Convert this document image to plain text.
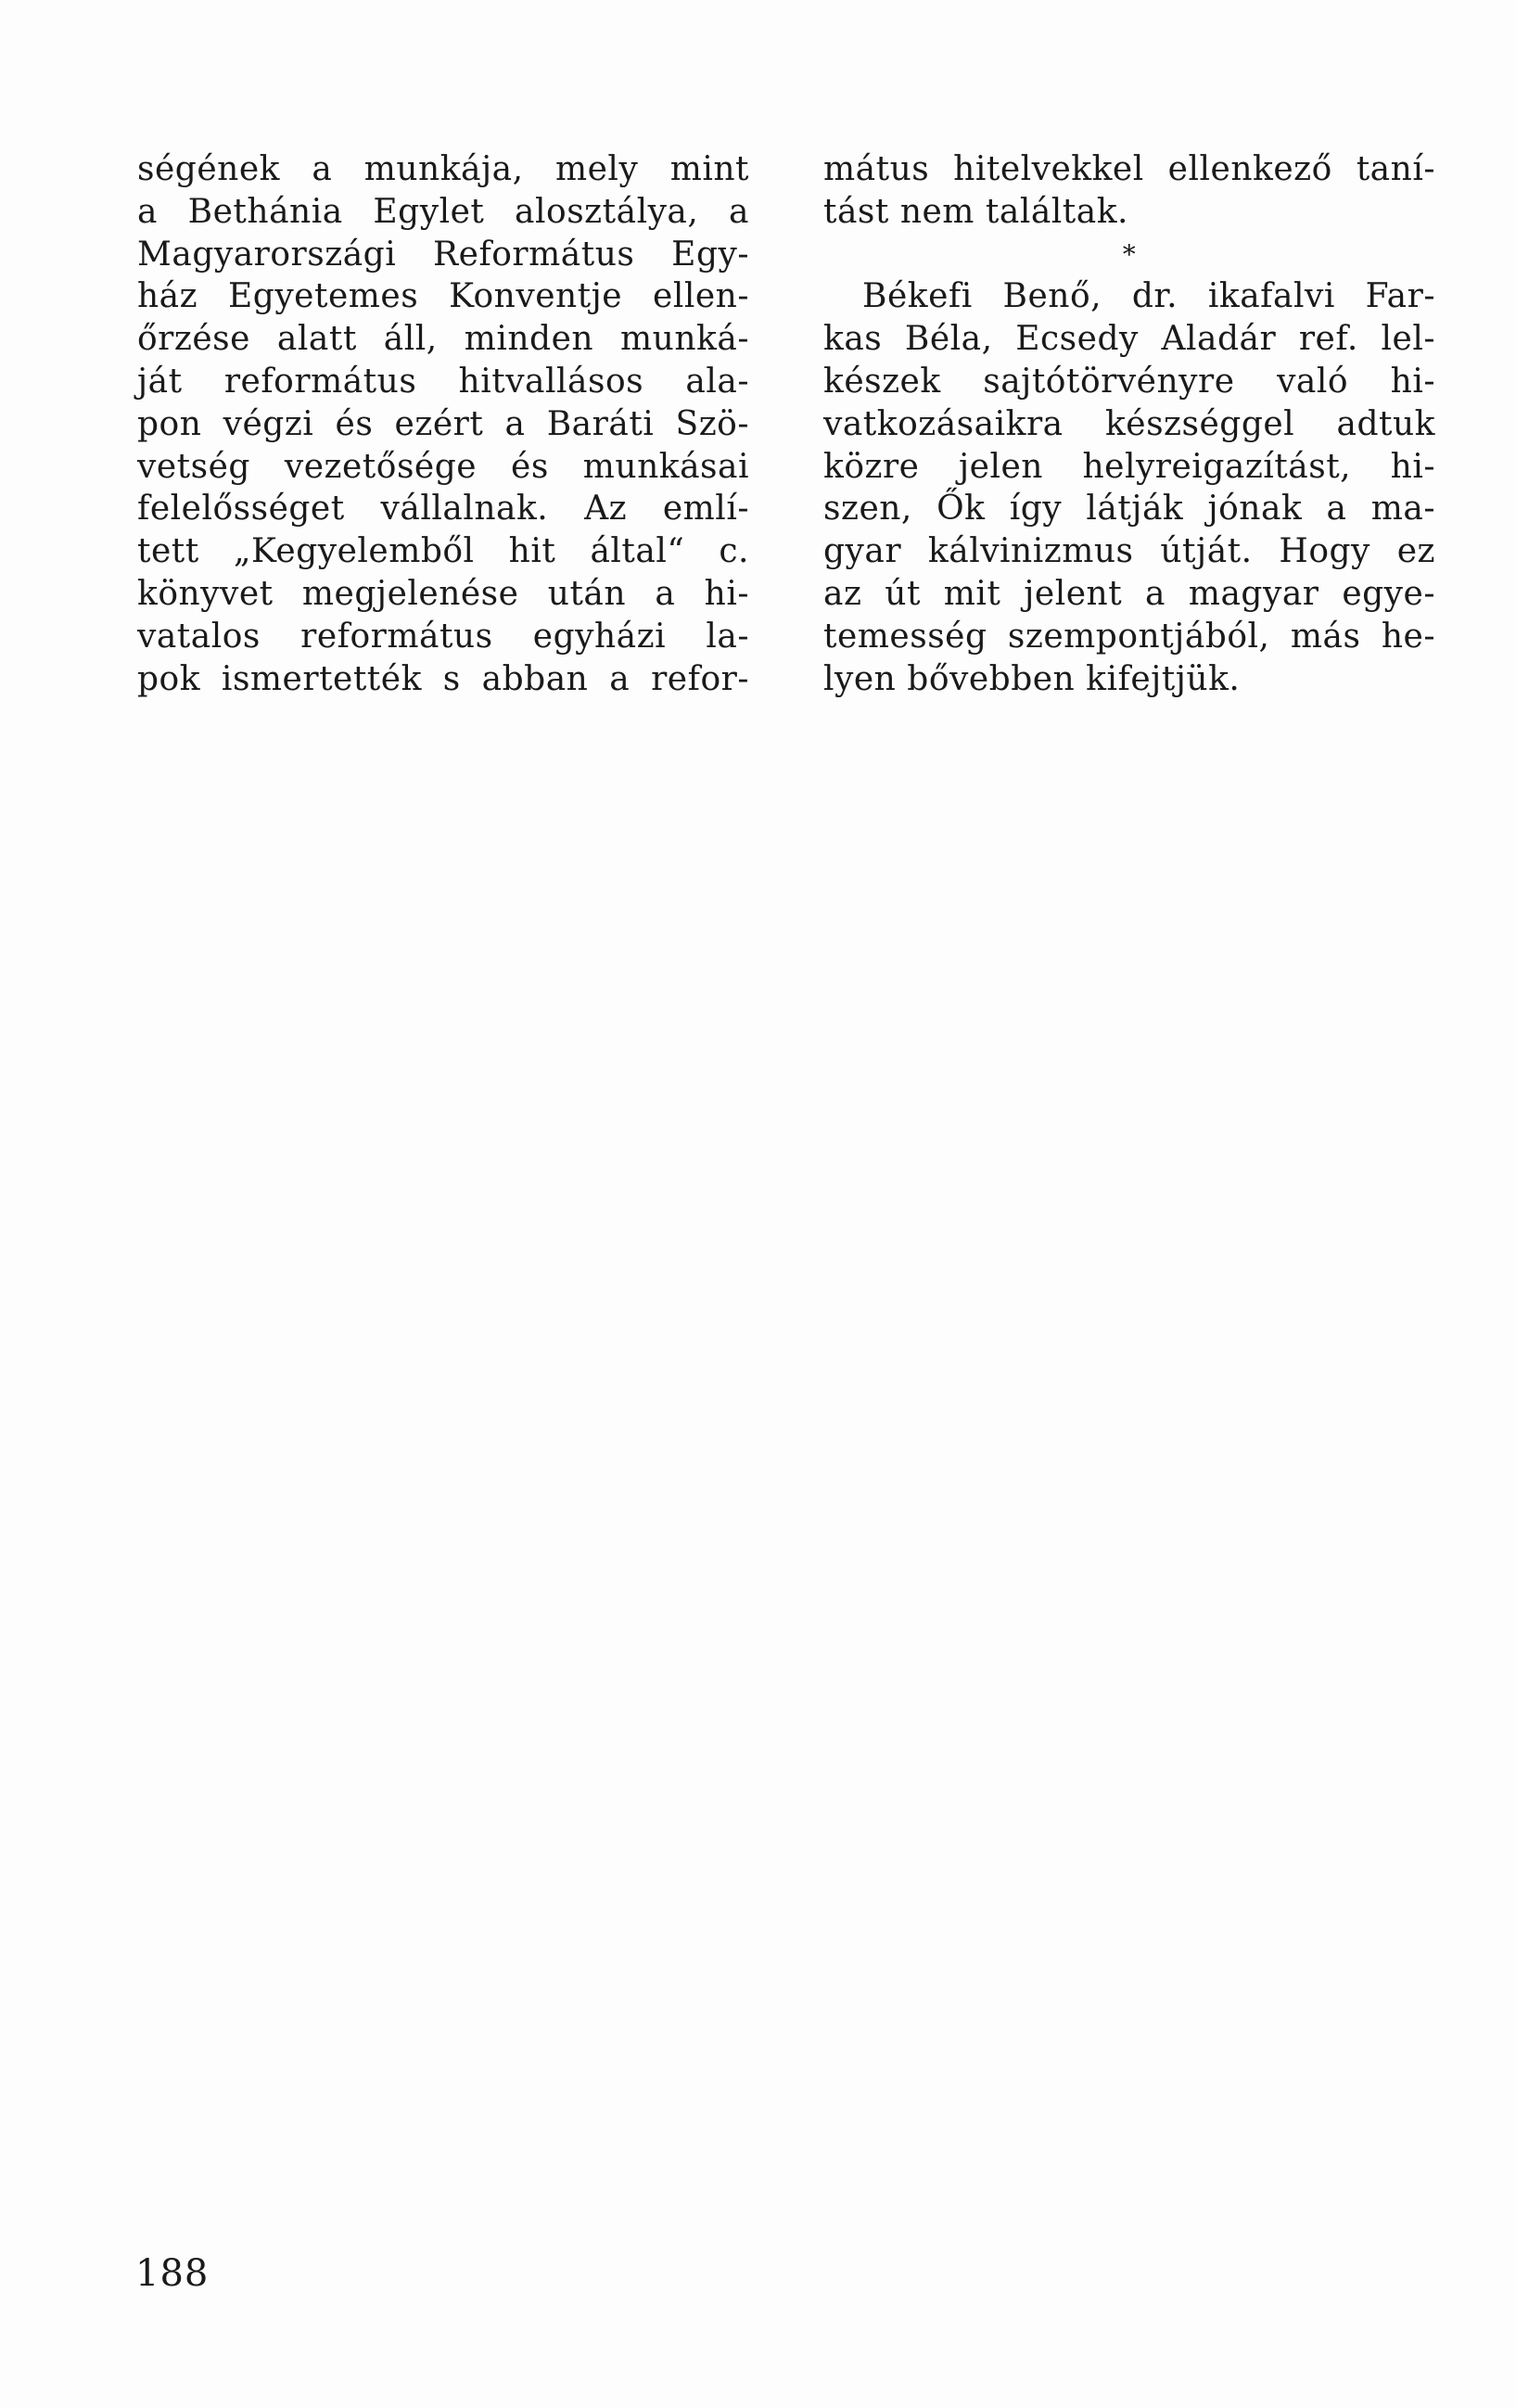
ségének a munkája, mely mint
a Bethánia Egylet alosztálya, a
Magyarországi Református Egy-
ház Egyetemes Konventje ellen-
őrzése alatt áll, minden munká-
ját református hitvallásos ala-
pon végzi és ezért a Baráti Szö-
vetség vezetősége és munkásai
felelősséget vállalnak. Az emlí-
tett „Kegyelemből hit által“ c.
könyvet megjelenése után a hi-
vatalos református egyházi la-
pok ismertették s abban a refor-
mátus hitelvekkel ellenkező taní-
tást nem találtak.
*
Békefi Benő, dr. ikafalvi Far-
kas Béla, Ecsedy Aladár ref. lel-
készek sajtótörvényre való hi-
vatkozásaikra készséggel adtuk
közre jelen helyreigazítást, hi-
szen, Ők így látják jónak a ma-
gyar kálvinizmus útját. Hogy ez
az út mit jelent a magyar egye-
temesség szempontjából, más he-
lyen bővebben kifejtjük.
188
